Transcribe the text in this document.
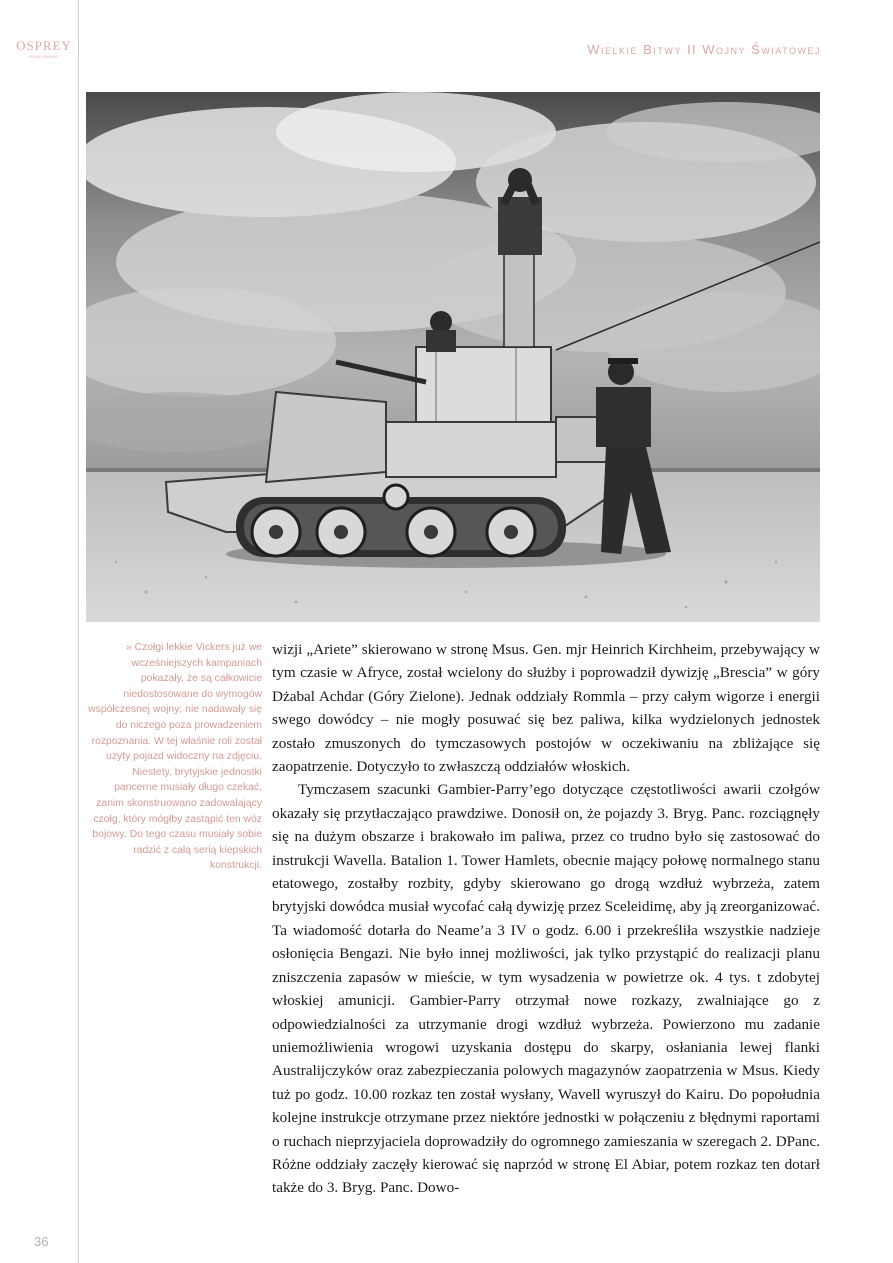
OSPREY
PUBLISHING	Wielkie Bitwy II Wojny Światowej
» Czołgi lekkie Vickers już we wcześniejszych kampaniach pokazały, że są całkowicie niedostosowane do wymogów współczesnej wojny; nie nadawały się do niczego poza prowadzeniem rozpoznania. W tej właśnie roli został użyty pojazd widoczny na zdjęciu. Niestety, brytyjskie jednostki pancerne musiały długo czekać, zanim skonstruowano zadowalający czołg, który mógłby zastąpić ten wóz bojowy. Do tego czasu musiały sobie radzić z całą serią kiepskich konstrukcji.

wizji „Ariete” skierowano w stronę Msus. Gen. mjr Heinrich Kirchheim, przebywający w tym czasie w Afryce, został wcielony do służby i poprowadził dywizję „Brescia” w góry Dżabal Achdar (Góry Zielone). Jednak oddziały Rommla – przy całym wigorze i energii swego dowódcy – nie mogły posuwać się bez paliwa, kilka wydzielonych jednostek zostało zmuszonych do tymczasowych postojów w oczekiwaniu na zbliżające się zaopatrzenie. Dotyczyło to zwłaszczą oddziałów włoskich.

Tymczasem szacunki Gambier-Parry’ego dotyczące częstotliwości awarii czołgów okazały się przytłaczająco prawdziwe. Donosił on, że pojazdy 3. Bryg. Panc. rozciągnęły się na dużym obszarze i brakowało im paliwa, przez co trudno było się zastosować do instrukcji Wavella. Batalion 1. Tower Hamlets, obecnie mający połowę normalnego stanu etatowego, zostałby rozbity, gdyby skierowano go drogą wzdłuż wybrzeża, zatem brytyjski dowódca musiał wycofać całą dywizję przez Sceleidimę, aby ją zreorganizować. Ta wiadomość dotarła do Neame’a 3 IV o godz. 6.00 i przekreśliła wszystkie nadzieje osłonięcia Bengazi. Nie było innej możliwości, jak tylko przystąpić do realizacji planu zniszczenia zapasów w mieście, w tym wysadzenia w powietrze ok. 4 tys. t zdobytej włoskiej amunicji. Gambier-Parry otrzymał nowe rozkazy, zwalniające go z odpowiedzialności za utrzymanie drogi wzdłuż wybrzeża. Powierzono mu zadanie uniemożliwienia wrogowi uzyskania dostępu do skarpy, osłaniania lewej flanki Australijczyków oraz zabezpieczania polowych magazynów zaopatrzenia w Msus. Kiedy tuż po godz. 10.00 rozkaz ten został wysłany, Wavell wyruszył do Kairu. Do popołudnia kolejne instrukcje otrzymane przez niektóre jednostki w połączeniu z błędnymi raportami o ruchach nieprzyjaciela doprowadziły do ogromnego zamieszania w szeregach 2. DPanc. Różne oddziały zaczęły kierować się naprzód w stronę El Abiar, potem rozkaz ten dotarł także do 3. Bryg. Panc. Dowo-

36
